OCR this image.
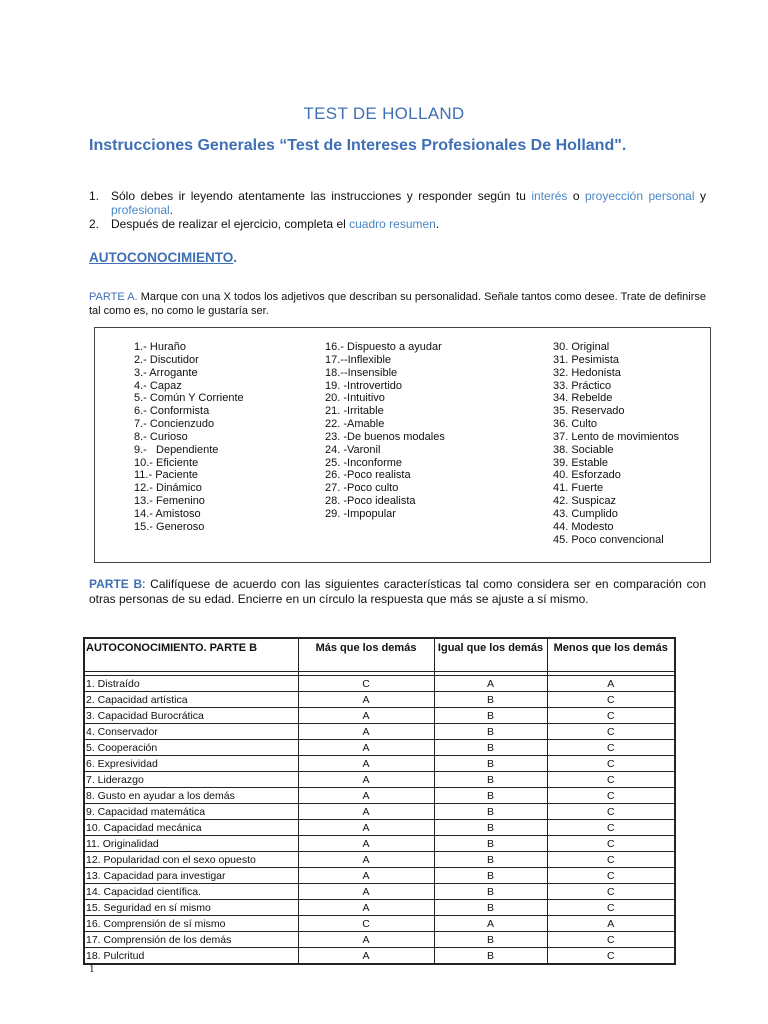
TEST DE HOLLAND
Instrucciones Generales “Test de Intereses Profesionales De Holland".
1. Sólo debes ir leyendo atentamente las instrucciones y responder según tu interés o proyección personal y profesional.
2. Después de realizar el ejercicio, completa el cuadro resumen.
AUTOCONOCIMIENTO.
PARTE A. Marque con una X todos los adjetivos que describan su personalidad. Señale tantos como desee. Trate de definirse tal como es, no como le gustaría ser.
1.- Huraño
2.- Discutidor
3.- Arrogante
4.- Capaz
5.- Común Y Corriente
6.- Conformista
7.- Concienzudo
8.- Curioso
9.-   Dependiente
10.- Eficiente
11.- Paciente
12.- Dinámico
13.- Femenino
14.- Amistoso
15.- Generoso
16.- Dispuesto a ayudar
17.--Inflexible
18.--Insensible
19. -Introvertido
20. -Intuitivo
21. -Irritable
22. -Amable
23. -De buenos modales
24. -Varonil
25. -Inconforme
26. -Poco realista
27. -Poco culto
28. -Poco idealista
29. -Impopular
30. Original
31. Pesimista
32. Hedonista
33. Práctico
34. Rebelde
35. Reservado
36. Culto
37. Lento de movimientos
38. Sociable
39. Estable
40. Esforzado
41. Fuerte
42. Suspicaz
43. Cumplido
44. Modesto
45. Poco convencional
PARTE B: Califíquese de acuerdo con las siguientes características tal como considera ser en comparación con otras personas de su edad. Encierre en un círculo la respuesta que más se ajuste a sí mismo.
AUTOCONOCIMIENTO. PARTE B	Más que los demás	Igual que los demás	Menos que los demás

1. Distraído	C	A	A
2. Capacidad artística	A	B	C
3. Capacidad Burocrática	A	B	C
4. Conservador	A	B	C
5. Cooperación	A	B	C
6. Expresividad	A	B	C
7. Liderazgo	A	B	C
8. Gusto en ayudar a los demás	A	B	C
9. Capacidad matemática	A	B	C
10. Capacidad mecánica	A	B	C
11. Originalidad	A	B	C
12. Popularidad con el sexo opuesto	A	B	C
13. Capacidad para investigar	A	B	C
14. Capacidad científica.	A	B	C
15. Seguridad en sí mismo	A	B	C
16. Comprensión de sí mismo	C	A	A
17. Comprensión de los demás	A	B	C
18. Pulcritud	A	B	C
1
